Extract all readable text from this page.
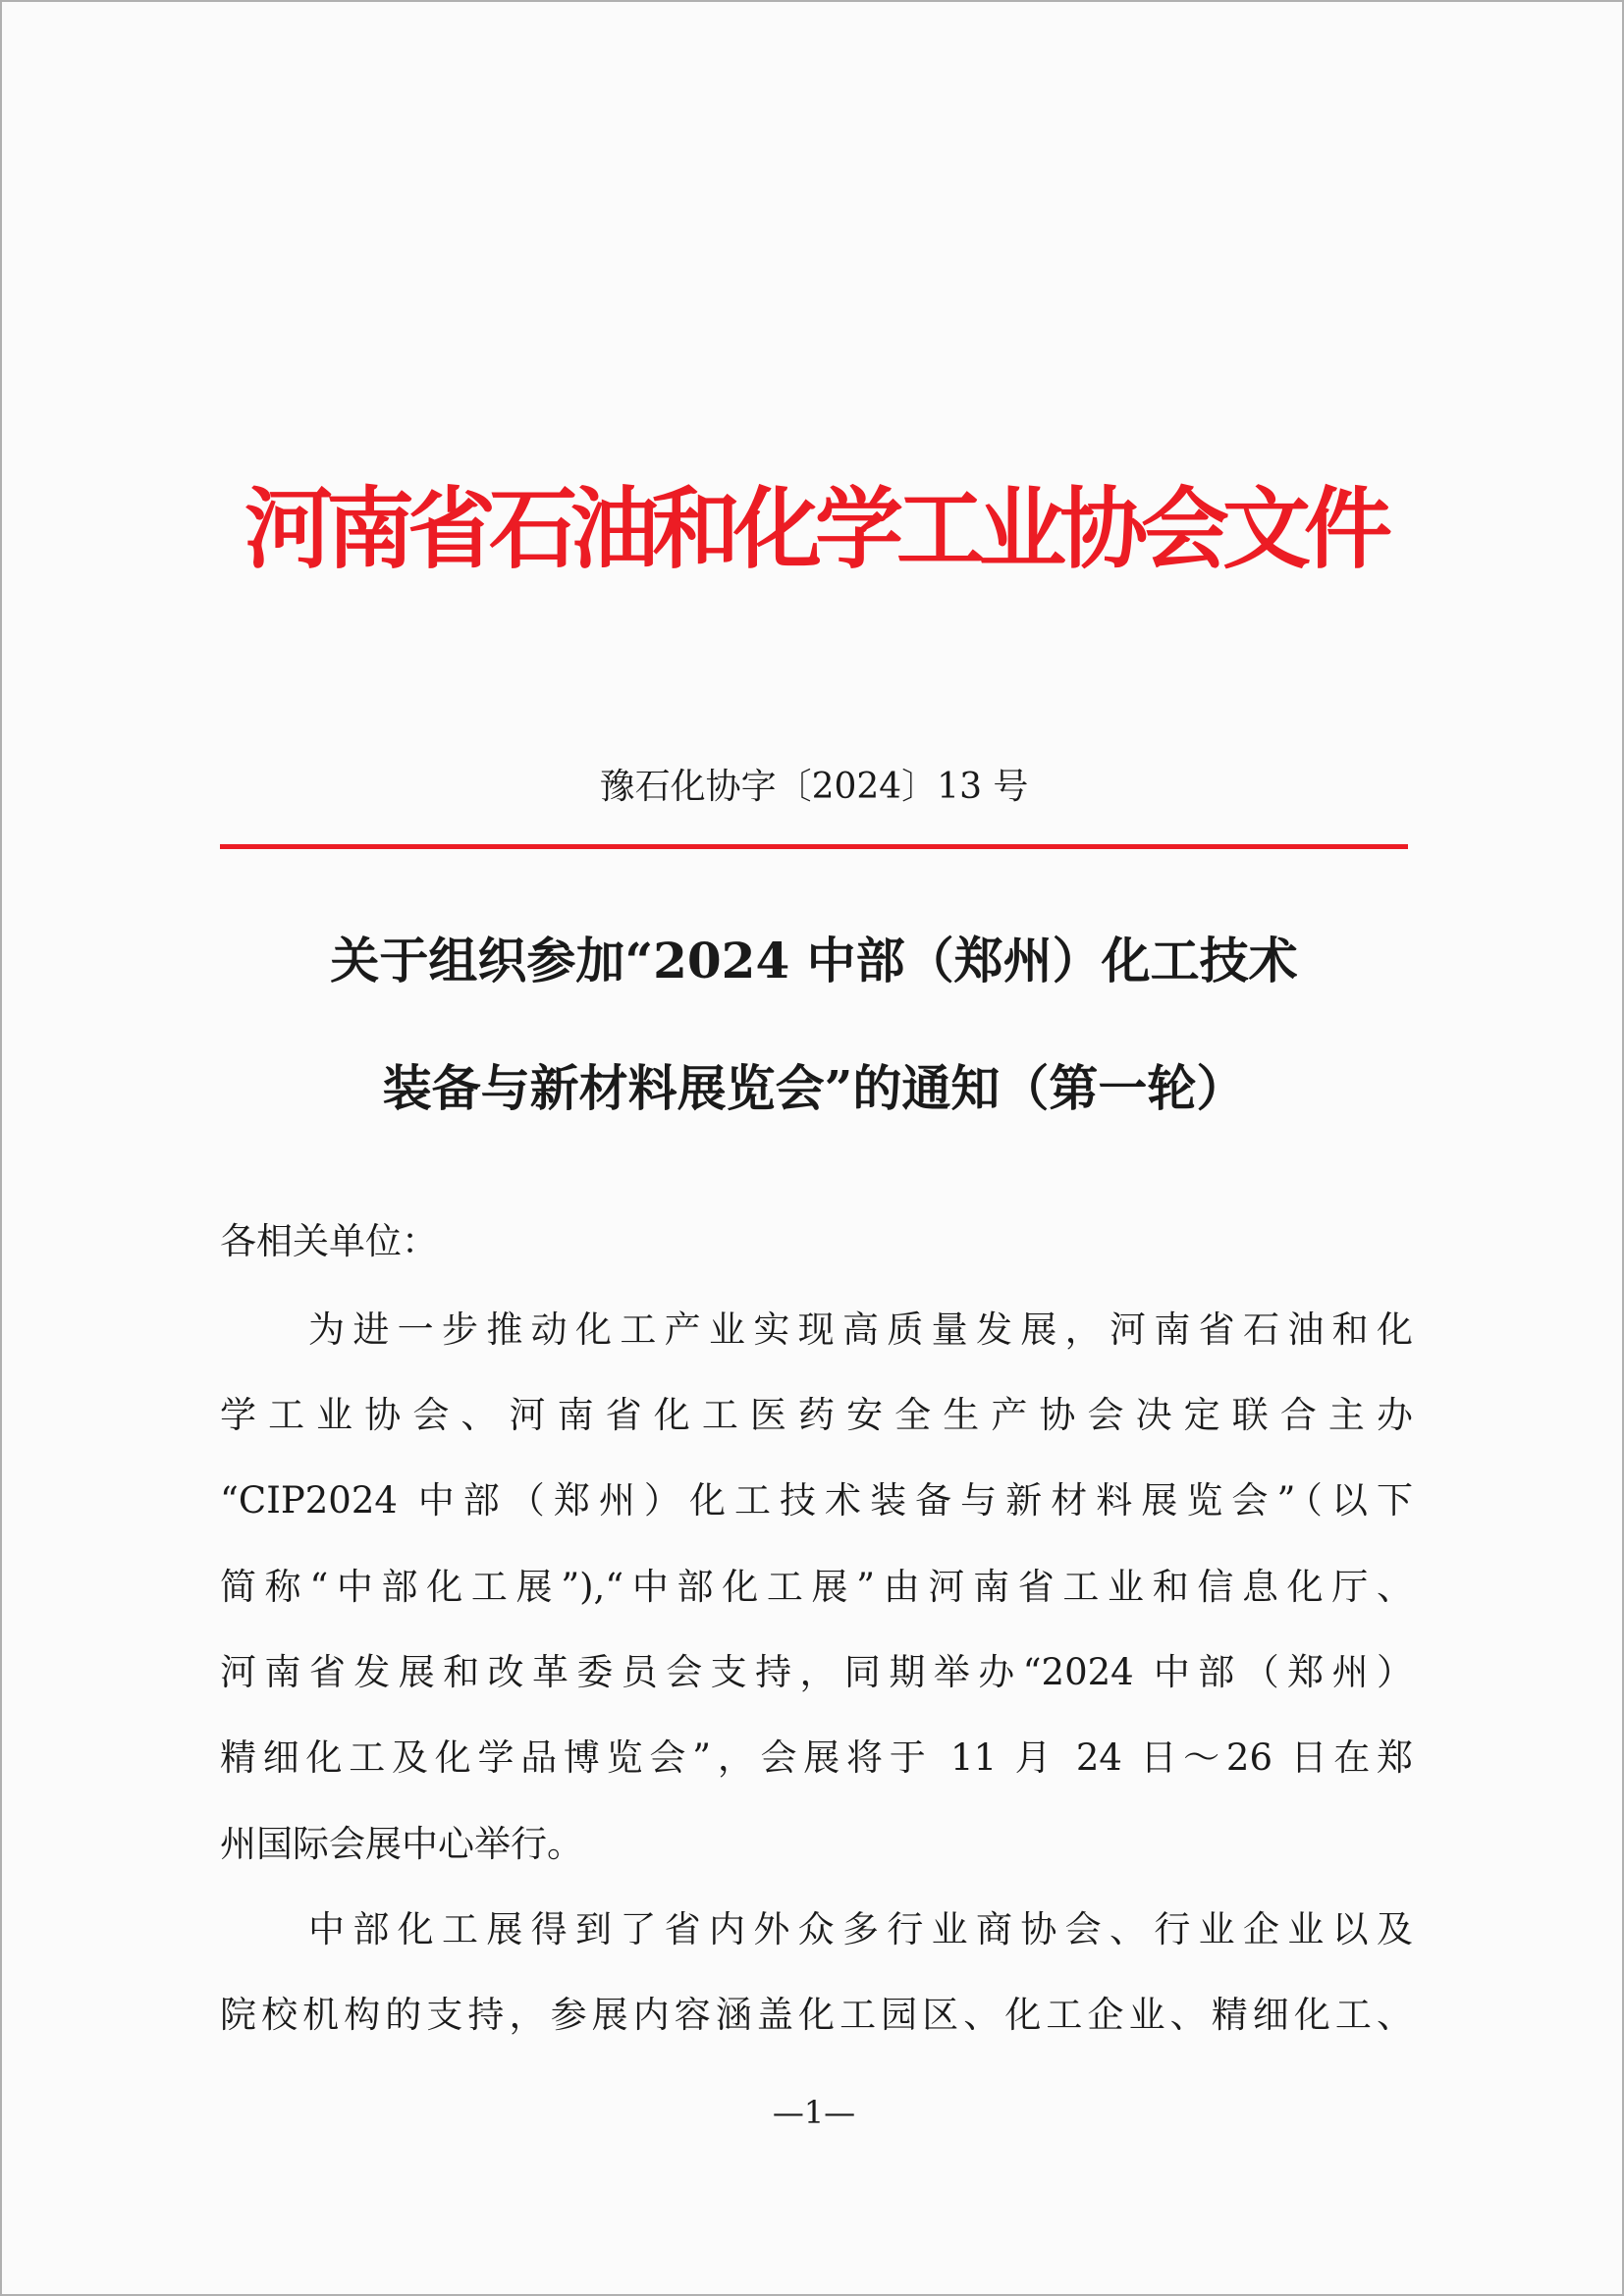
河南省石油和化学工业协会文件
豫石化协字〔2024〕13 号
关于组织参加“2024 中部（郑州）化工技术
装备与新材料展览会”的通知（第一轮）
各相关单位：
为进一步推动化工产业实现高质量发展，河南省石油和化
学工业协会、河南省化工医药安全生产协会决定联合主办
“CIP2024 中部（郑州）化工技术装备与新材料展览会”（以下
简称“中部化工展”),“中部化工展”由河南省工业和信息化厅、
河南省发展和改革委员会支持，同期举办“2024 中部（郑州）
精细化工及化学品博览会”，会展将于 11 月 24 日～26 日在郑
州国际会展中心举行。
中部化工展得到了省内外众多行业商协会、行业企业以及
院校机构的支持，参展内容涵盖化工园区、化工企业、精细化工、
—1—
